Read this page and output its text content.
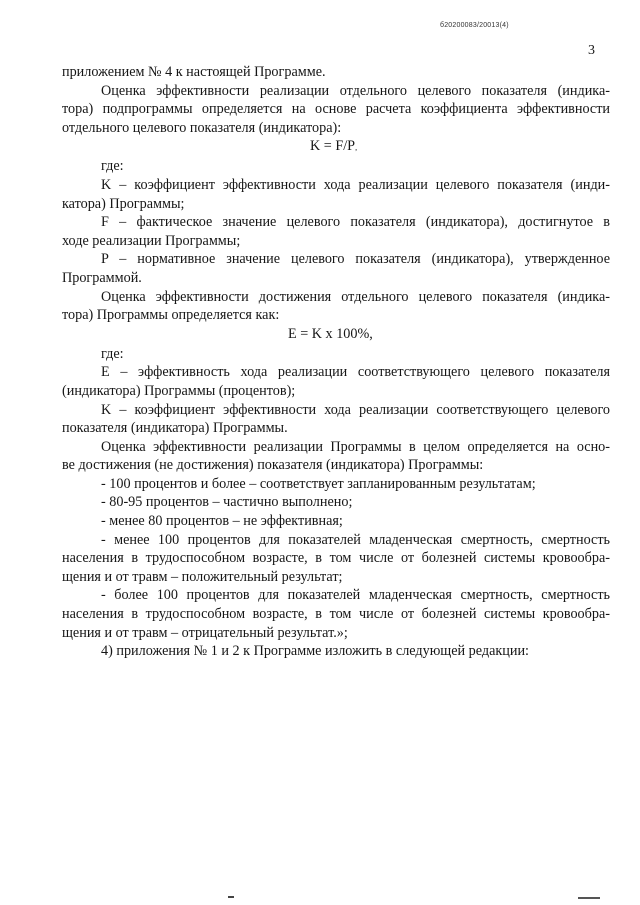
б20200083/20013(4)
3
приложением № 4 к настоящей Программе.
Оценка эффективности реализации отдельного целевого показателя (индика-
тора) подпрограммы определяется на основе расчета коэффициента эффективности
отдельного целевого показателя (индикатора):
K = F/P,
где:
K – коэффициент эффективности хода реализации целевого показателя (инди-
катора) Программы;
F – фактическое значение целевого показателя (индикатора), достигнутое в
ходе реализации Программы;
P – нормативное значение целевого показателя (индикатора), утвержденное
Программой.
Оценка эффективности достижения отдельного целевого показателя (индика-
тора) Программы определяется как:
E = K x 100%,
где:
E – эффективность хода реализации соответствующего целевого показателя
(индикатора) Программы (процентов);
K – коэффициент эффективности хода реализации соответствующего целевого
показателя (индикатора) Программы.
Оценка эффективности реализации Программы в целом определяется на осно-
ве достижения (не достижения) показателя (индикатора) Программы:
- 100 процентов и более – соответствует запланированным результатам;
- 80-95 процентов – частично выполнено;
- менее 80 процентов – не эффективная;
- менее 100 процентов для показателей младенческая смертность, смертность
населения в трудоспособном возрасте, в том числе от болезней системы кровообра-
щения и от травм – положительный результат;
- более 100 процентов для показателей младенческая смертность, смертность
населения в трудоспособном возрасте, в том числе от болезней системы кровообра-
щения и от травм – отрицательный результат.»;
4) приложения № 1 и 2 к Программе изложить в следующей редакции:
